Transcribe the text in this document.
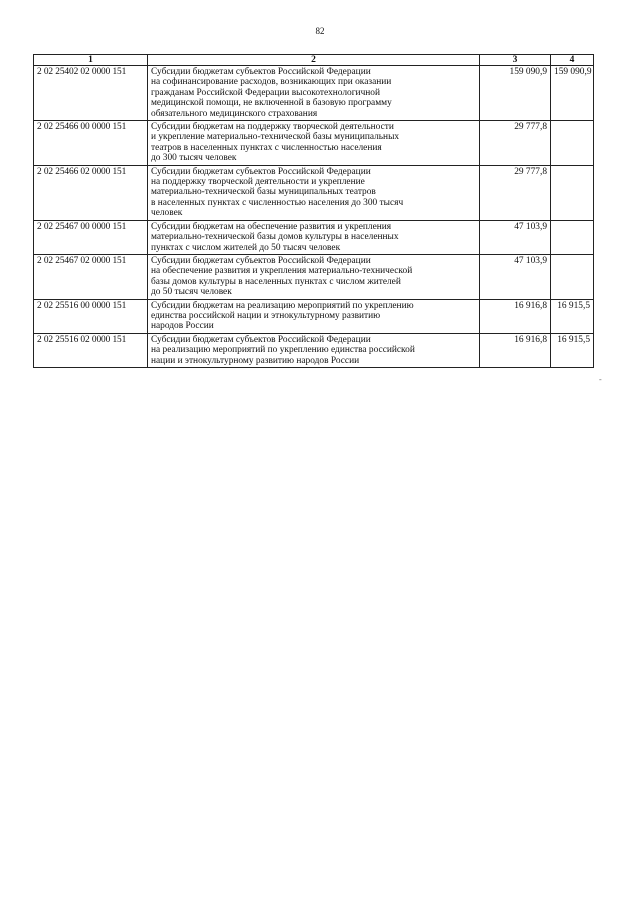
82
1	2	3	4
2 02 25402 02 0000 151	Субсидии бюджетам субъектов Российской Федерации
на софинансирование расходов, возникающих при оказании
гражданам Российской Федерации высокотехнологичной
медицинской помощи, не включенной в базовую программу
обязательного медицинского страхования	159 090,9	159 090,9
2 02 25466 00 0000 151	Субсидии бюджетам на поддержку творческой деятельности
и укрепление материально-технической базы муниципальных
театров в населенных пунктах с численностью населения
до 300 тысяч человек	29 777,8	
2 02 25466 02 0000 151	Субсидии бюджетам субъектов Российской Федерации
на поддержку творческой деятельности и укрепление
материально-технической базы муниципальных театров
в населенных пунктах с численностью населения до 300 тысяч
человек	29 777,8	
2 02 25467 00 0000 151	Субсидии бюджетам на обеспечение развития и укрепления
материально-технической базы домов культуры в населенных
пунктах с числом жителей до 50 тысяч человек	47 103,9	
2 02 25467 02 0000 151	Субсидии бюджетам субъектов Российской Федерации
на обеспечение развития и укрепления материально-технической
базы домов культуры в населенных пунктах с числом жителей
до 50 тысяч человек	47 103,9	
2 02 25516 00 0000 151	Субсидии бюджетам на реализацию мероприятий по укреплению
единства российской нации и этнокультурному развитию
народов России	16 916,8	16 915,5
2 02 25516 02 0000 151	Субсидии бюджетам субъектов Российской Федерации
на реализацию мероприятий по укреплению единства российской
нации и этнокультурному развитию народов России	16 916,8	16 915,5
-
